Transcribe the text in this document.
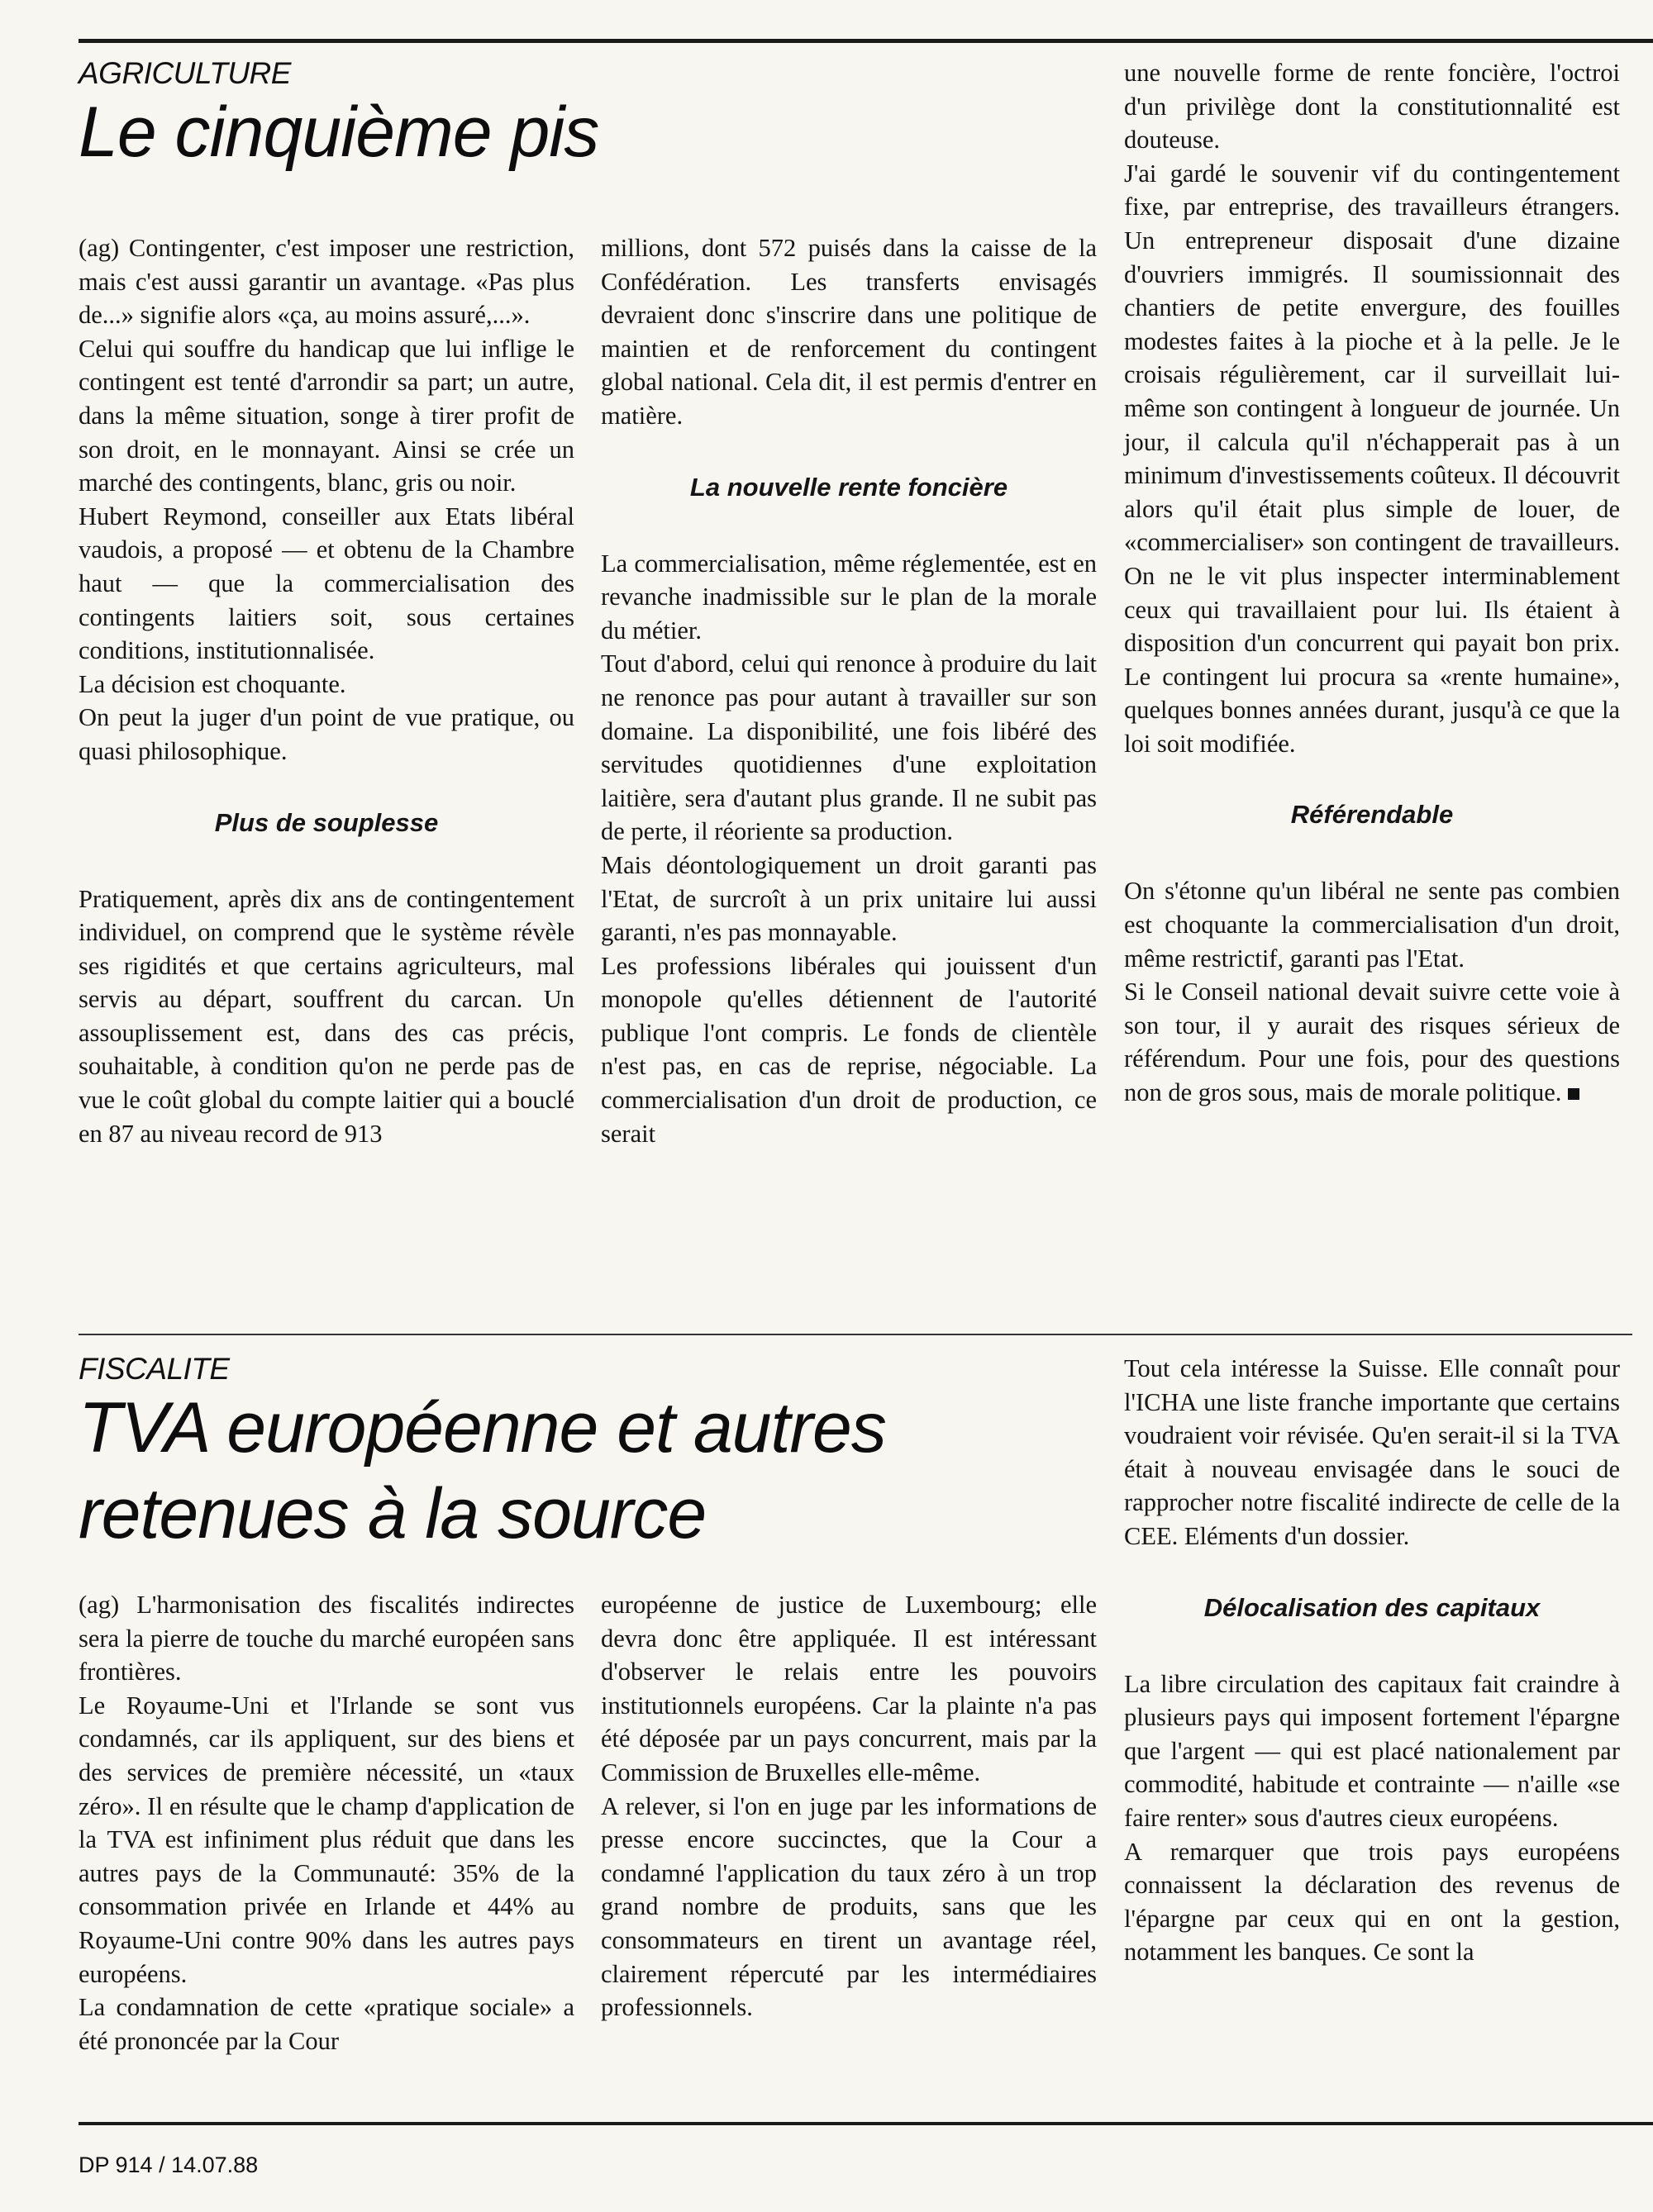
AGRICULTURE
Le cinquième pis

(ag) Contingenter, c'est imposer une restriction, mais c'est aussi garantir un avantage. «Pas plus de...» signifie alors «ça, au moins assuré,...».

Celui qui souffre du handicap que lui inflige le contingent est tenté d'arrondir sa part; un autre, dans la même situation, songe à tirer profit de son droit, en le monnayant. Ainsi se crée un marché des contingents, blanc, gris ou noir.

Hubert Reymond, conseiller aux Etats libéral vaudois, a proposé — et obtenu de la Chambre haut — que la commercialisation des contingents laitiers soit, sous certaines conditions, institutionnalisée.

La décision est choquante.

On peut la juger d'un point de vue pratique, ou quasi philosophique.

Plus de souplesse

Pratiquement, après dix ans de contingentement individuel, on comprend que le système révèle ses rigidités et que certains agriculteurs, mal servis au départ, souffrent du carcan. Un assouplissement est, dans des cas précis, souhaitable, à condition qu'on ne perde pas de vue le coût global du compte laitier qui a bouclé en 87 au niveau record de 913

millions, dont 572 puisés dans la caisse de la Confédération. Les transferts envisagés devraient donc s'inscrire dans une politique de maintien et de renforcement du contingent global national. Cela dit, il est permis d'entrer en matière.

La nouvelle rente foncière

La commercialisation, même réglementée, est en revanche inadmissible sur le plan de la morale du métier.

Tout d'abord, celui qui renonce à produire du lait ne renonce pas pour autant à travailler sur son domaine. La disponibilité, une fois libéré des servitudes quotidiennes d'une exploitation laitière, sera d'autant plus grande. Il ne subit pas de perte, il réoriente sa production.

Mais déontologiquement un droit garanti pas l'Etat, de surcroît à un prix unitaire lui aussi garanti, n'es pas monnayable.

Les professions libérales qui jouissent d'un monopole qu'elles détiennent de l'autorité publique l'ont compris. Le fonds de clientèle n'est pas, en cas de reprise, négociable. La commercialisation d'un droit de production, ce serait

une nouvelle forme de rente foncière, l'octroi d'un privilège dont la constitutionnalité est douteuse.

J'ai gardé le souvenir vif du contingentement fixe, par entreprise, des travailleurs étrangers. Un entrepreneur disposait d'une dizaine d'ouvriers immigrés. Il soumissionnait des chantiers de petite envergure, des fouilles modestes faites à la pioche et à la pelle. Je le croisais régulièrement, car il surveillait lui-même son contingent à longueur de journée. Un jour, il calcula qu'il n'échapperait pas à un minimum d'investissements coûteux. Il découvrit alors qu'il était plus simple de louer, de «commercialiser» son contingent de travailleurs. On ne le vit plus inspecter interminablement ceux qui travaillaient pour lui. Ils étaient à disposition d'un concurrent qui payait bon prix. Le contingent lui procura sa «rente humaine», quelques bonnes années durant, jusqu'à ce que la loi soit modifiée.

Référendable

On s'étonne qu'un libéral ne sente pas combien est choquante la commercialisation d'un droit, même restrictif, garanti pas l'Etat.

Si le Conseil national devait suivre cette voie à son tour, il y aurait des risques sérieux de référendum. Pour une fois, pour des questions non de gros sous, mais de morale politique.

FISCALITE
TVA européenne et autres retenues à la source

(ag) L'harmonisation des fiscalités indirectes sera la pierre de touche du marché européen sans frontières.

Le Royaume-Uni et l'Irlande se sont vus condamnés, car ils appliquent, sur des biens et des services de première nécessité, un «taux zéro». Il en résulte que le champ d'application de la TVA est infiniment plus réduit que dans les autres pays de la Communauté: 35% de la consommation privée en Irlande et 44% au Royaume-Uni contre 90% dans les autres pays européens.

La condamnation de cette «pratique sociale» a été prononcée par la Cour

européenne de justice de Luxembourg; elle devra donc être appliquée. Il est intéressant d'observer le relais entre les pouvoirs institutionnels européens. Car la plainte n'a pas été déposée par un pays concurrent, mais par la Commission de Bruxelles elle-même.

A relever, si l'on en juge par les informations de presse encore succinctes, que la Cour a condamné l'application du taux zéro à un trop grand nombre de produits, sans que les consommateurs en tirent un avantage réel, clairement répercuté par les intermédiaires professionnels.

Tout cela intéresse la Suisse. Elle connaît pour l'ICHA une liste franche importante que certains voudraient voir révisée. Qu'en serait-il si la TVA était à nouveau envisagée dans le souci de rapprocher notre fiscalité indirecte de celle de la CEE. Eléments d'un dossier.

Délocalisation des capitaux

La libre circulation des capitaux fait craindre à plusieurs pays qui imposent fortement l'épargne que l'argent — qui est placé nationalement par commodité, habitude et contrainte — n'aille «se faire renter» sous d'autres cieux européens.

A remarquer que trois pays européens connaissent la déclaration des revenus de l'épargne par ceux qui en ont la gestion, notamment les banques. Ce sont la

DP 914 / 14.07.88
